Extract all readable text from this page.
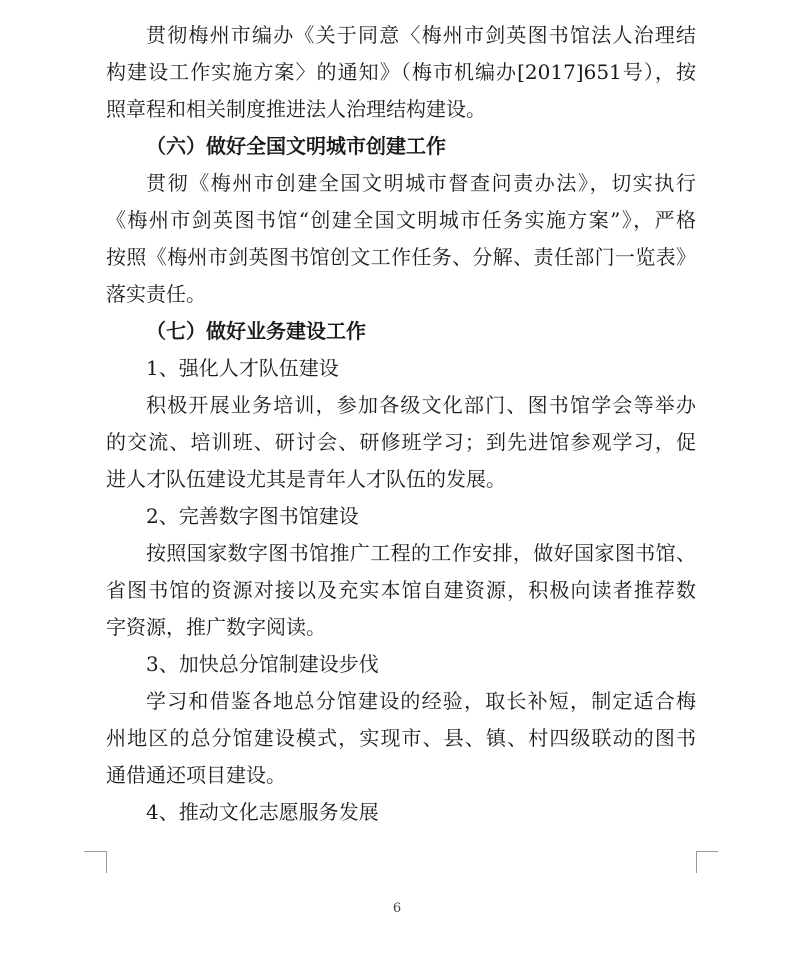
贯彻梅州市编办《关于同意〈梅州市剑英图书馆法人治理结
构建设工作实施方案〉的通知》（梅市机编办[2017]651号），按
照章程和相关制度推进法人治理结构建设。
（六）做好全国文明城市创建工作
贯彻《梅州市创建全国文明城市督查问责办法》，切实执行
《梅州市剑英图书馆“创建全国文明城市任务实施方案”》，严格
按照《梅州市剑英图书馆创文工作任务、分解、责任部门一览表》
落实责任。
（七）做好业务建设工作
1、强化人才队伍建设
积极开展业务培训，参加各级文化部门、图书馆学会等举办
的交流、培训班、研讨会、研修班学习；到先进馆参观学习，促
进人才队伍建设尤其是青年人才队伍的发展。
2、完善数字图书馆建设
按照国家数字图书馆推广工程的工作安排，做好国家图书馆、
省图书馆的资源对接以及充实本馆自建资源，积极向读者推荐数
字资源，推广数字阅读。
3、加快总分馆制建设步伐
学习和借鉴各地总分馆建设的经验，取长补短，制定适合梅
州地区的总分馆建设模式，实现市、县、镇、村四级联动的图书
通借通还项目建设。
4、推动文化志愿服务发展
6
